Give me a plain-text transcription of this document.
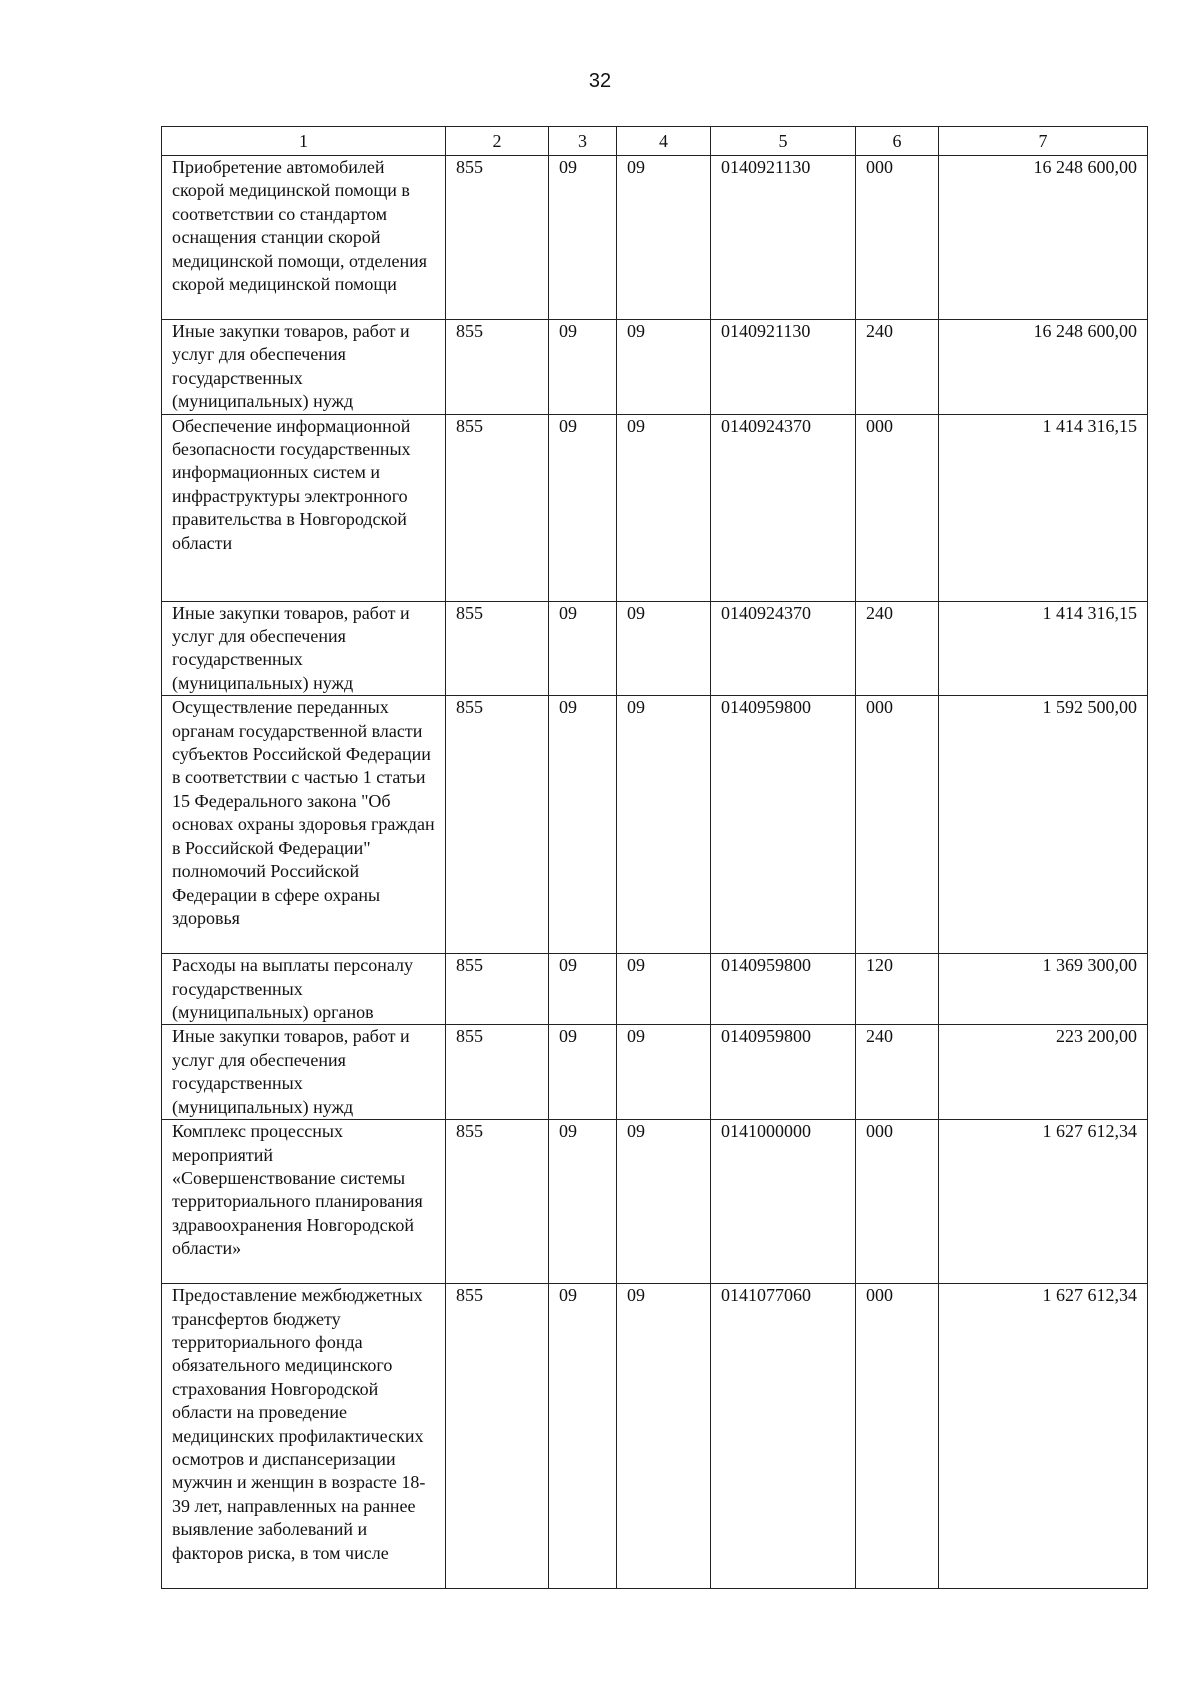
32
1	2	3	4	5	6	7
Приобретение автомобилей скорой медицинской помощи в соответствии со стандартом оснащения станции скорой медицинской помощи, отделения скорой медицинской помощи	855	09	09	0140921130	000	16 248 600,00
Иные закупки товаров, работ и услуг для обеспечения государственных (муниципальных) нужд	855	09	09	0140921130	240	16 248 600,00
Обеспечение информационной безопасности государственных информационных систем и инфраструктуры электронного правительства в Новгородской области	855	09	09	0140924370	000	1 414 316,15
Иные закупки товаров, работ и услуг для обеспечения государственных (муниципальных) нужд	855	09	09	0140924370	240	1 414 316,15
Осуществление переданных органам государственной власти субъектов Российской Федерации в соответствии с частью 1 статьи 15 Федерального закона "Об основах охраны здоровья граждан в Российской Федерации" полномочий Российской Федерации в сфере охраны здоровья	855	09	09	0140959800	000	1 592 500,00
Расходы на выплаты персоналу государственных (муниципальных) органов	855	09	09	0140959800	120	1 369 300,00
Иные закупки товаров, работ и услуг для обеспечения государственных (муниципальных) нужд	855	09	09	0140959800	240	223 200,00
Комплекс процессных мероприятий «Совершенствование системы территориального планирования здравоохранения Новгородской области»	855	09	09	0141000000	000	1 627 612,34
Предоставление межбюджетных трансфертов бюджету территориального фонда обязательного медицинского страхования Новгородской области на проведение медицинских профилактических осмотров и диспансеризации мужчин и женщин в возрасте 18-39 лет, направленных на раннее выявление заболеваний и факторов риска, в том числе	855	09	09	0141077060	000	1 627 612,34
